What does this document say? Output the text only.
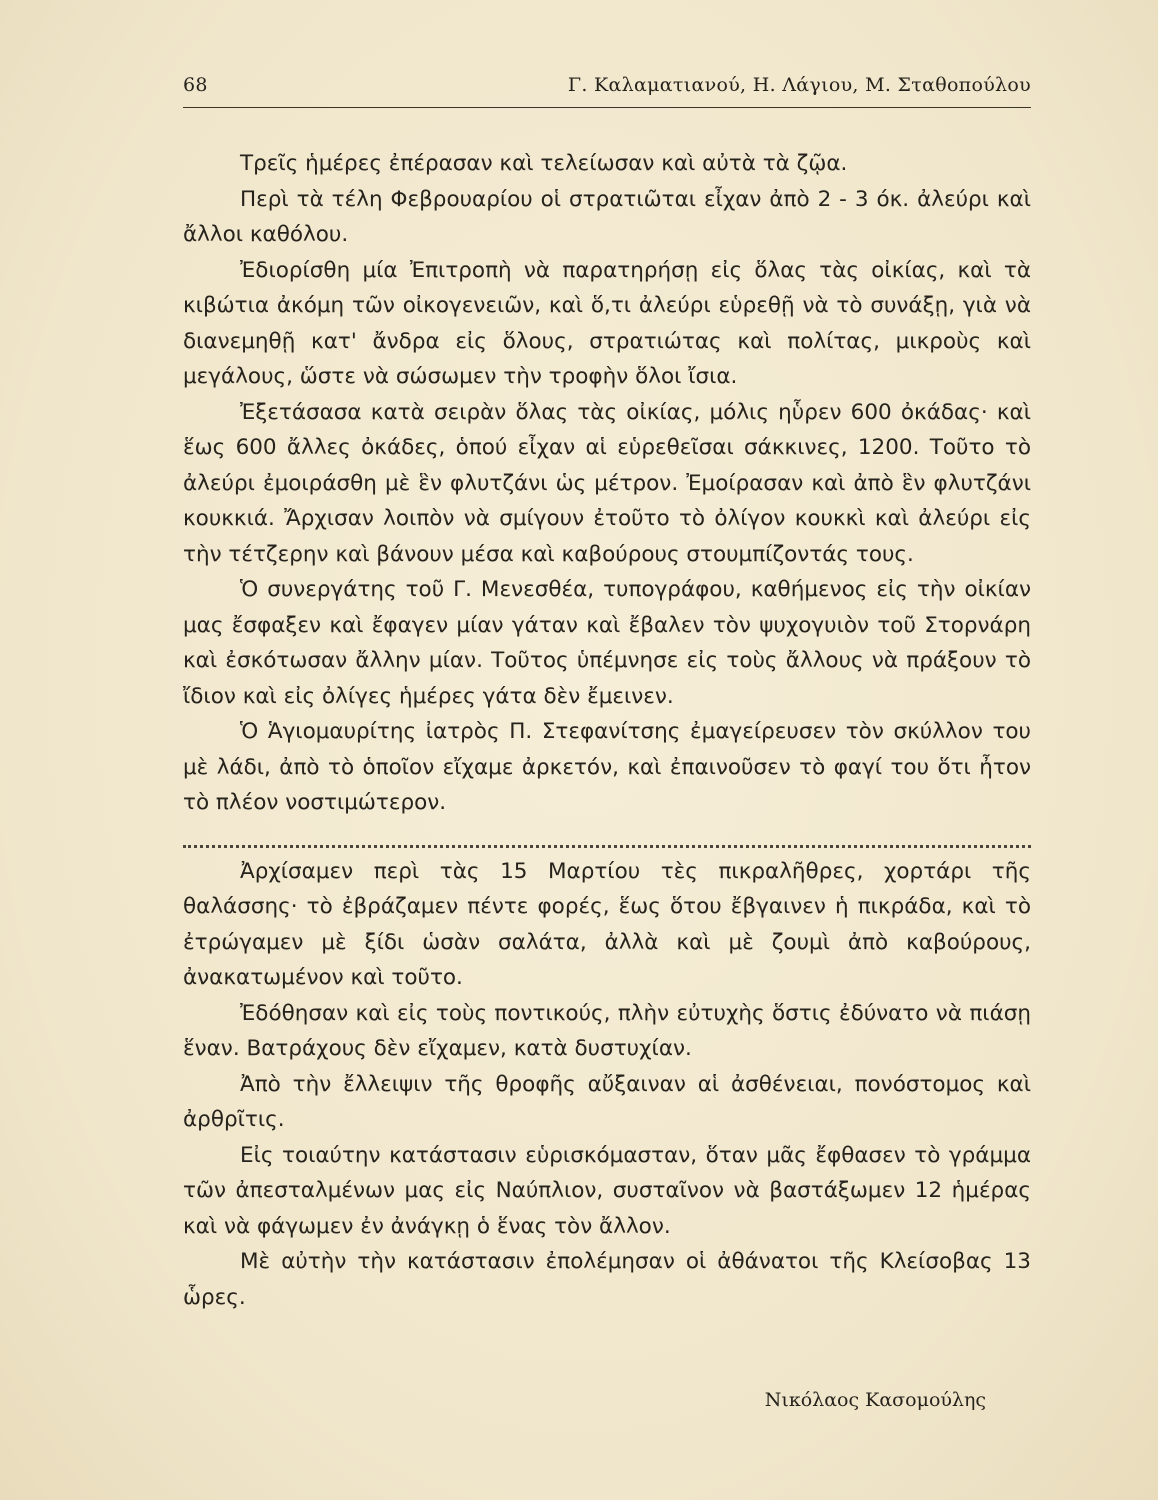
68	Γ. Καλαματιανού, Η. Λάγιου, Μ. Σταθοπούλου

Τρεῖς ἡμέρες ἐπέρασαν καὶ τελείωσαν καὶ αὐτὰ τὰ ζῷα.

Περὶ τὰ τέλη Φεβρουαρίου οἱ στρατιῶται εἶχαν ἀπὸ 2 - 3 όκ. ἀλεύρι καὶ ἄλλοι καθόλου.

Ἐδιορίσθη μία Ἐπιτροπὴ νὰ παρατηρήσῃ εἰς ὅλας τὰς οἰκίας, καὶ τὰ κιβώτια ἀκόμη τῶν οἰκογενειῶν, καὶ ὅ,τι ἀλεύρι εὑρεθῇ νὰ τὸ συνάξῃ, γιὰ νὰ διανεμηθῇ κατ' ἄνδρα εἰς ὅλους, στρατιώτας καὶ πολίτας, μικροὺς καὶ μεγάλους, ὥστε νὰ σώσωμεν τὴν τροφὴν ὅλοι ἴσια.

Ἐξετάσασα κατὰ σειρὰν ὅλας τὰς οἰκίας, μόλις ηὗρεν 600 ὀκάδας· καὶ ἕως 600 ἄλλες ὀκάδες, ὁπού εἶχαν αἱ εὑρεθεῖσαι σάκκινες, 1200. Τοῦτο τὸ ἀλεύρι ἐμοιράσθη μὲ ἓν φλυτζάνι ὡς μέτρον. Ἐμοίρασαν καὶ ἀπὸ ἓν φλυτζάνι κουκκιά. Ἄρχισαν λοιπὸν νὰ σμίγουν ἐτοῦτο τὸ ὀλίγον κουκκὶ καὶ ἀλεύρι εἰς τὴν τέτζερην καὶ βάνουν μέσα καὶ καβούρους στουμπίζοντάς τους.

Ὁ συνεργάτης τοῦ Γ. Μενεσθέα, τυπογράφου, καθήμενος εἰς τὴν οἰκίαν μας ἔσφαξεν καὶ ἔφαγεν μίαν γάταν καὶ ἔβαλεν τὸν ψυχογυιὸν τοῦ Στορνάρη καὶ ἐσκότωσαν ἄλλην μίαν. Τοῦτος ὑπέμνησε εἰς τοὺς ἄλλους νὰ πράξουν τὸ ἴδιον καὶ εἰς ὀλίγες ἡμέρες γάτα δὲν ἔμεινεν.

Ὁ Ἁγιομαυρίτης ἰατρὸς Π. Στεφανίτσης ἐμαγείρευσεν τὸν σκύλλον του μὲ λάδι, ἀπὸ τὸ ὁποῖον εἴχαμε ἀρκετόν, καὶ ἐπαινοῦσεν τὸ φαγί του ὅτι ἦτον τὸ πλέον νοστιμώτερον.

Ἀρχίσαμεν περὶ τὰς 15 Μαρτίου τὲς πικραλῆθρες, χορτάρι τῆς θαλάσσης· τὸ ἐβράζαμεν πέντε φορές, ἕως ὅτου ἔβγαινεν ἡ πικράδα, καὶ τὸ ἐτρώγαμεν μὲ ξίδι ὡσὰν σαλάτα, ἀλλὰ καὶ μὲ ζουμὶ ἀπὸ καβούρους, ἀνακατωμένον καὶ τοῦτο.

Ἐδόθησαν καὶ εἰς τοὺς ποντικούς, πλὴν εὐτυχὴς ὅστις ἐδύνατο νὰ πιάσῃ ἕναν. Βατράχους δὲν εἴχαμεν, κατὰ δυστυχίαν.

Ἀπὸ τὴν ἔλλειψιν τῆς θροφῆς αὔξαιναν αἱ ἀσθένειαι, πονόστομος καὶ ἀρθρῖτις.

Εἰς τοιαύτην κατάστασιν εὑρισκόμασταν, ὅταν μᾶς ἔφθασεν τὸ γράμμα τῶν ἀπεσταλμένων μας εἰς Ναύπλιον, συσταῖνον νὰ βαστάξωμεν 12 ἡμέρας καὶ νὰ φάγωμεν ἐν ἀνάγκῃ ὁ ἕνας τὸν ἄλλον.

Μὲ αὐτὴν τὴν κατάστασιν ἐπολέμησαν οἱ ἀθάνατοι τῆς Κλείσοβας 13 ὧρες.

Νικόλαος Κασομούλης
